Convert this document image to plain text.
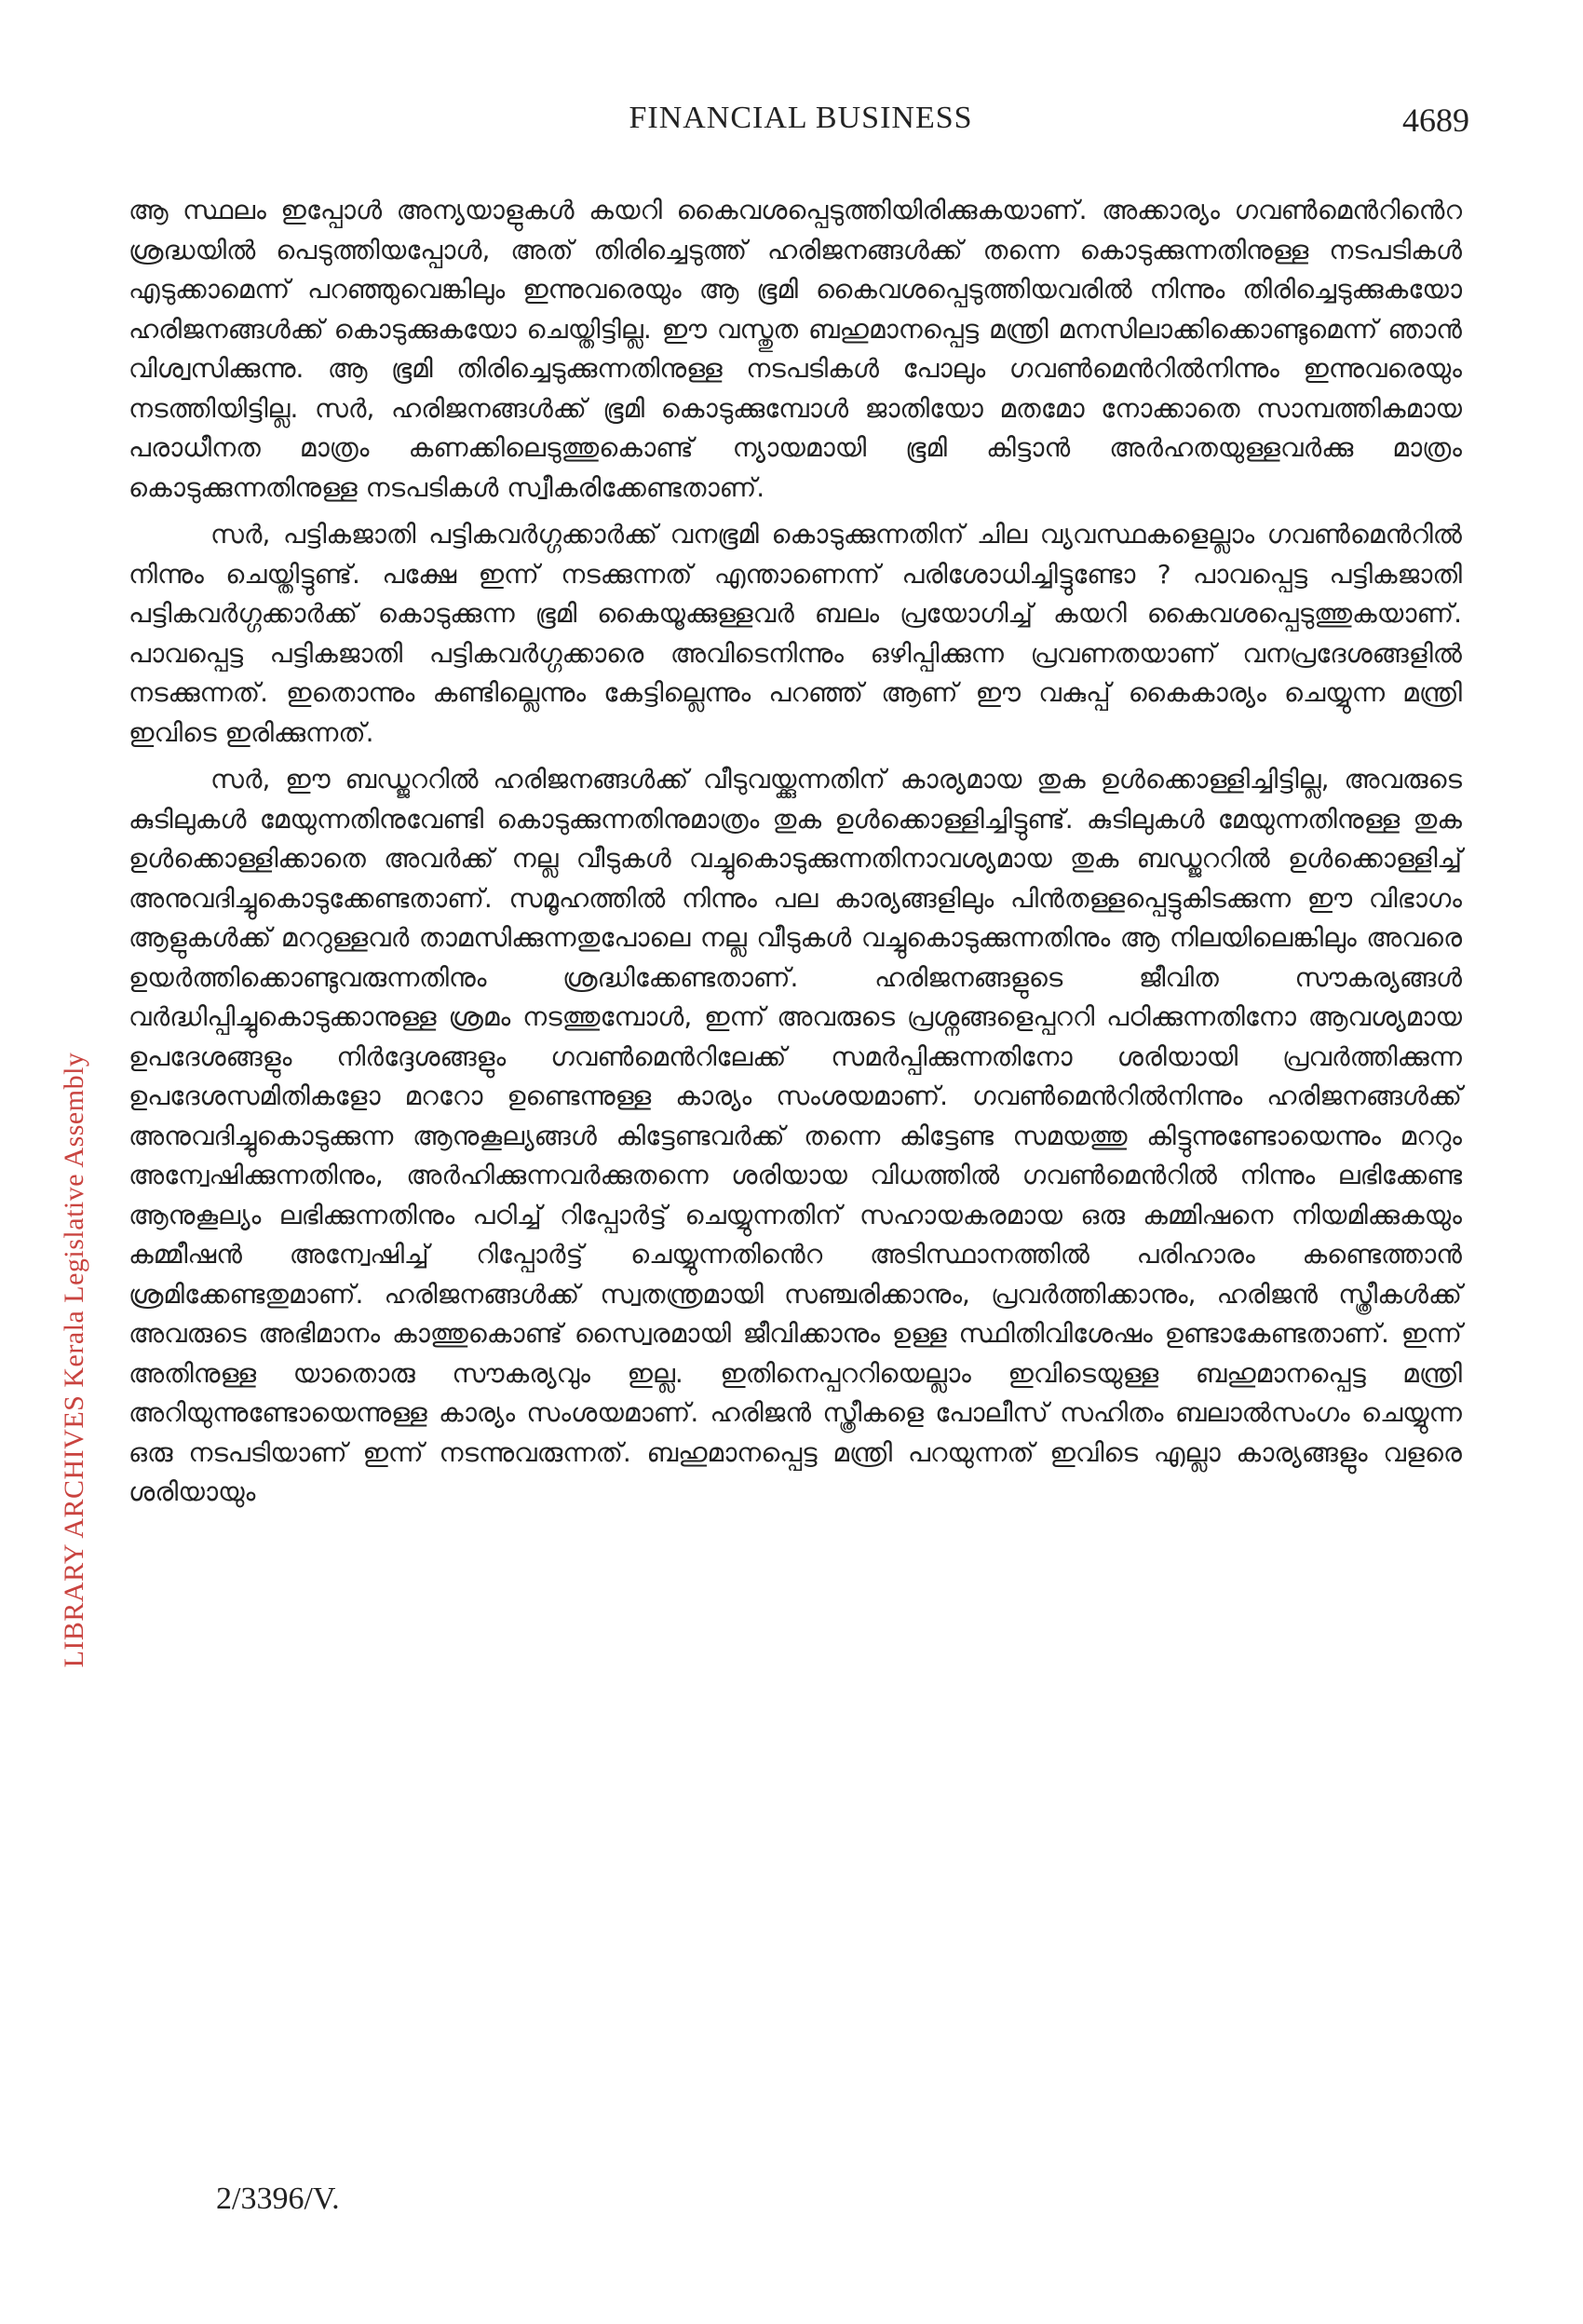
FINANCIAL BUSINESS	4689
LIBRARY ARCHIVES Kerala Legislative Assembly

ആ സ്ഥലം ഇപ്പോൾ അന്യയാളുകൾ കയറി കൈവശപ്പെടുത്തിയിരിക്കുകയാണ്. അക്കാര്യം ഗവൺമെൻറിൻെറ ശ്രദ്ധയിൽ പെടുത്തിയപ്പോൾ, അത് തിരിച്ചെടുത്ത് ഹരിജനങ്ങൾക്ക് തന്നെ കൊടുക്കുന്നതിനുള്ള നടപടികൾ എടുക്കാമെന്ന് പറഞ്ഞുവെങ്കിലും ഇന്നുവരെയും ആ ഭൂമി കൈവശപ്പെടുത്തിയവരിൽ നിന്നും തിരിച്ചെടുക്കുകയോ ഹരിജനങ്ങൾക്ക് കൊടുക്കുകയോ ചെയ്തിട്ടില്ല. ഈ വസ്തുത ബഹുമാനപ്പെട്ട മന്ത്രി മനസിലാക്കിക്കൊണ്ടുമെന്ന് ഞാൻ വിശ്വസിക്കുന്നു. ആ ഭൂമി തിരിച്ചെടുക്കുന്നതിനുള്ള നടപടികൾ പോലും ഗവൺമെൻറിൽനിന്നും ഇന്നുവരെയും നടത്തിയിട്ടില്ല. സർ, ഹരിജനങ്ങൾക്ക് ഭൂമി കൊടുക്കുമ്പോൾ ജാതിയോ മതമോ നോക്കാതെ സാമ്പത്തികമായ പരാധീനത മാത്രം കണക്കിലെടുത്തുകൊണ്ട് ന്യായമായി ഭൂമി കിട്ടാൻ അർഹതയുള്ളവർക്കു മാത്രം കൊടുക്കുന്നതിനുള്ള നടപടികൾ സ്വീകരിക്കേണ്ടതാണ്.

സർ, പട്ടികജാതി പട്ടികവർഗ്ഗക്കാർക്ക് വനഭൂമി കൊടുക്കുന്നതിന് ചില വ്യവസ്ഥകളെല്ലാം ഗവൺമെൻറിൽ നിന്നും ചെയ്തിട്ടുണ്ട്. പക്ഷേ ഇന്ന് നടക്കുന്നത് എന്താണെന്ന് പരിശോധിച്ചിട്ടുണ്ടോ ? പാവപ്പെട്ട പട്ടികജാതി പട്ടികവർഗ്ഗക്കാർക്ക് കൊടുക്കുന്ന ഭൂമി കൈയൂക്കുള്ളവർ ബലം പ്രയോഗിച്ച് കയറി കൈവശപ്പെടുത്തുകയാണ്. പാവപ്പെട്ട പട്ടികജാതി പട്ടികവർഗ്ഗക്കാരെ അവിടെനിന്നും ഒഴിപ്പിക്കുന്ന പ്രവണതയാണ് വനപ്രദേശങ്ങളിൽ നടക്കുന്നത്. ഇതൊന്നും കണ്ടില്ലെന്നും കേട്ടില്ലെന്നും പറഞ്ഞ് ആണ് ഈ വകുപ്പ് കൈകാര്യം ചെയ്യുന്ന മന്ത്രി ഇവിടെ ഇരിക്കുന്നത്.

സർ, ഈ ബഡ്ജററിൽ ഹരിജനങ്ങൾക്ക് വീടുവയ്ക്കുന്നതിന് കാര്യമായ തുക ഉൾക്കൊള്ളിച്ചിട്ടില്ല, അവരുടെ കുടിലുകൾ മേയുന്നതിനുവേണ്ടി കൊടുക്കുന്നതിനുമാത്രം തുക ഉൾക്കൊള്ളിച്ചിട്ടുണ്ട്. കുടിലുകൾ മേയുന്നതിനുള്ള തുക ഉൾക്കൊള്ളിക്കാതെ അവർക്ക് നല്ല വീടുകൾ വച്ചുകൊടുക്കുന്നതിനാവശ്യമായ തുക ബഡ്ജററിൽ ഉൾക്കൊള്ളിച്ച് അനുവദിച്ചുകൊടുക്കേണ്ടതാണ്. സമൂഹത്തിൽ നിന്നും പല കാര്യങ്ങളിലും പിൻതള്ളപ്പെട്ടുകിടക്കുന്ന ഈ വിഭാഗം ആളുകൾക്ക് മററുള്ളവർ താമസിക്കുന്നതുപോലെ നല്ല വീടുകൾ വച്ചുകൊടുക്കുന്നതിനും ആ നിലയിലെങ്കിലും അവരെ ഉയർത്തിക്കൊണ്ടുവരുന്നതിനും ശ്രദ്ധിക്കേണ്ടതാണ്. ഹരിജനങ്ങളുടെ ജീവിത സൗകര്യങ്ങൾ വർദ്ധിപ്പിച്ചുകൊടുക്കാനുള്ള ശ്രമം നടത്തുമ്പോൾ, ഇന്ന് അവരുടെ പ്രശ്നങ്ങളെപ്പററി പഠിക്കുന്നതിനോ ആവശ്യമായ ഉപദേശങ്ങളും നിർദ്ദേശങ്ങളും ഗവൺമെൻറിലേക്ക് സമർപ്പിക്കുന്നതിനോ ശരിയായി പ്രവർത്തിക്കുന്ന ഉപദേശസമിതികളോ മററോ ഉണ്ടെന്നുള്ള കാര്യം സംശയമാണ്. ഗവൺമെൻറിൽനിന്നും ഹരിജനങ്ങൾക്ക് അനുവദിച്ചുകൊടുക്കുന്ന ആനുകൂല്യങ്ങൾ കിട്ടേണ്ടവർക്ക് തന്നെ കിട്ടേണ്ട സമയത്തു കിട്ടുന്നുണ്ടോയെന്നും മററും അന്വേഷിക്കുന്നതിനും, അർഹിക്കുന്നവർക്കുതന്നെ ശരിയായ വിധത്തിൽ ഗവൺമെൻറിൽ നിന്നും ലഭിക്കേണ്ട ആനുകൂല്യം ലഭിക്കുന്നതിനും പഠിച്ച് റിപ്പോർട്ട് ചെയ്യുന്നതിന് സഹായകരമായ ഒരു കമ്മിഷനെ നിയമിക്കുകയും കമ്മീഷൻ അന്വേഷിച്ച് റിപ്പോർട്ട് ചെയ്യുന്നതിൻെറ അടിസ്ഥാനത്തിൽ പരിഹാരം കണ്ടെത്താൻ ശ്രമിക്കേണ്ടതുമാണ്. ഹരിജനങ്ങൾക്ക് സ്വതന്ത്രമായി സഞ്ചരിക്കാനും, പ്രവർത്തിക്കാനും, ഹരിജൻ സ്ത്രീകൾക്ക് അവരുടെ അഭിമാനം കാത്തുകൊണ്ട് സ്വൈരമായി ജീവിക്കാനും ഉള്ള സ്ഥിതിവിശേഷം ഉണ്ടാകേണ്ടതാണ്. ഇന്ന് അതിനുള്ള യാതൊരു സൗകര്യവും ഇല്ല. ഇതിനെപ്പററിയെല്ലാം ഇവിടെയുള്ള ബഹുമാനപ്പെട്ട മന്ത്രി അറിയുന്നുണ്ടോയെന്നുള്ള കാര്യം സംശയമാണ്. ഹരിജൻ സ്ത്രീകളെ പോലീസ് സഹിതം ബലാൽസംഗം ചെയ്യുന്ന ഒരു നടപടിയാണ് ഇന്ന് നടന്നുവരുന്നത്. ബഹുമാനപ്പെട്ട മന്ത്രി പറയുന്നത് ഇവിടെ എല്ലാ കാര്യങ്ങളും വളരെ ശരിയായും

2/3396/V.
